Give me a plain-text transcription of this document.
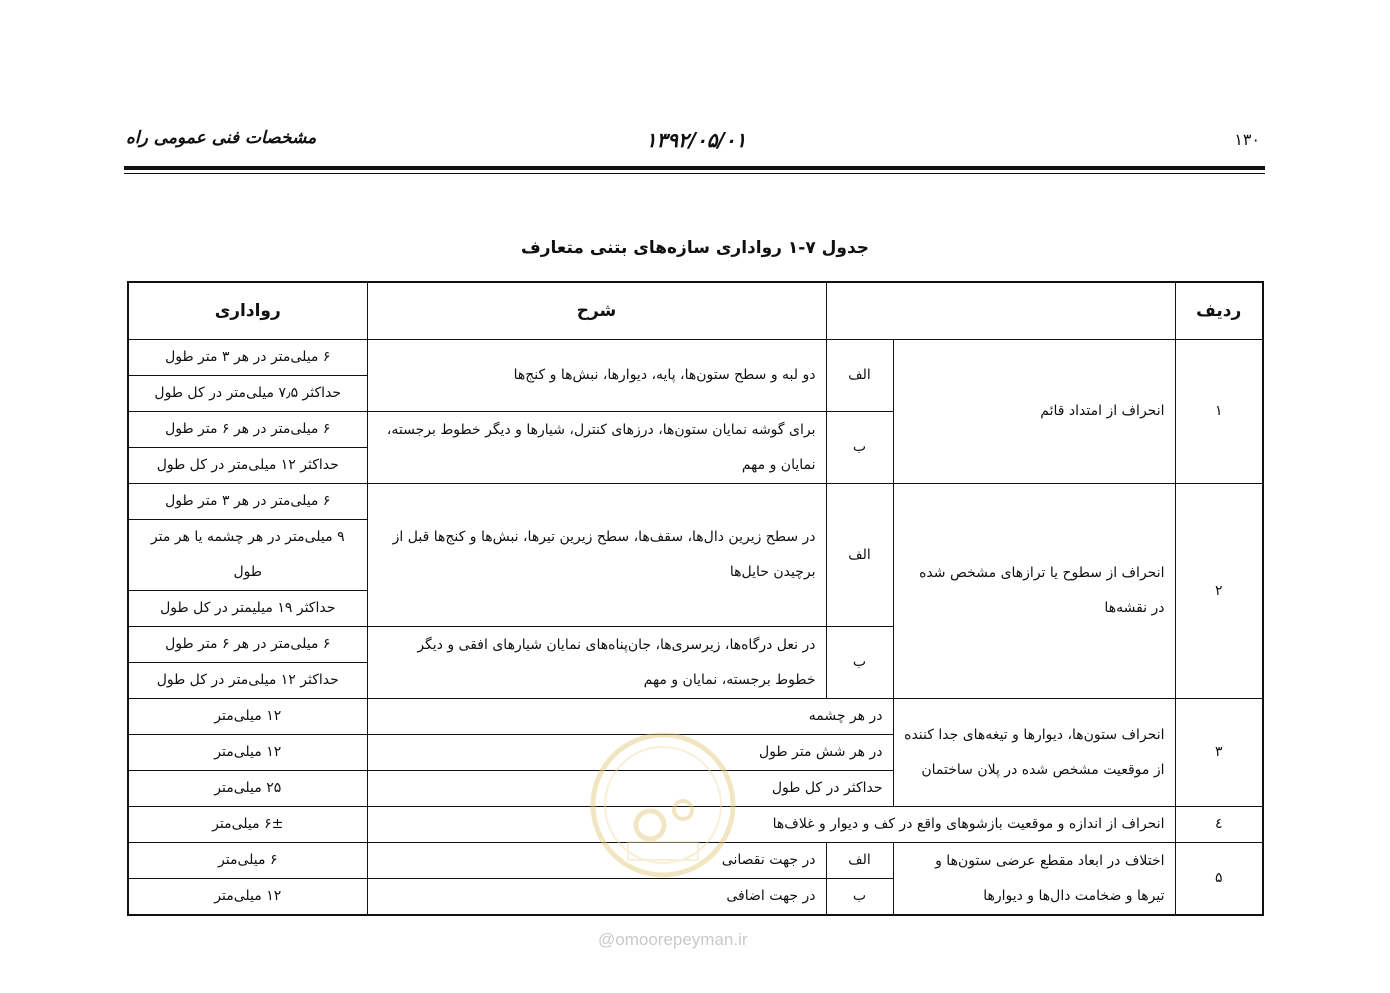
مشخصات فنی عمومی راه	۱۳۹۲/۰۵/۰۱	۱۳۰
جدول ۷-۱ رواداری سازه‌های بتنی متعارف
ردیف			شرح	رواداری
۱	انحراف از امتداد قائم	الف	دو لبه و سطح ستون‌ها، پایه، دیوارها، نبش‌ها و کنج‌ها	۶ میلی‌متر در هر ۳ متر طول
				حداکثر ۷٫۵ میلی‌متر در کل طول
		ب	برای گوشه نمایان ستون‌ها، درزهای کنترل، شیارها و دیگر خطوط برجسته، نمایان و مهم	۶ میلی‌متر در هر ۶ متر طول
				حداکثر ۱۲ میلی‌متر در کل طول
۲	انحراف از سطوح یا ترازهای مشخص شده در نقشه‌ها	الف	در سطح زیرین دال‌ها، سقف‌ها، سطح زیرین تیرها، نبش‌ها و کنج‌ها قبل از برچیدن حایل‌ها	۶ میلی‌متر در هر ۳ متر طول
				۹ میلی‌متر در هر چشمه یا هر متر طول
				حداکثر ۱۹ میلیمتر در کل طول
		ب	در نعل درگاه‌ها، زیرسری‌ها، جان‌پناه‌های نمایان شیارهای افقی و دیگر خطوط برجسته، نمایان و مهم	۶ میلی‌متر در هر ۶ متر طول
				حداکثر ۱۲ میلی‌متر در کل طول
۳	انحراف ستون‌ها، دیوارها و تیغه‌های جدا کننده از موقعیت مشخص شده در پلان ساختمان	در هر چشمه		۱۲ میلی‌متر
		در هر شش متر طول		۱۲ میلی‌متر
		حداکثر در کل طول		۲۵ میلی‌متر
٤	انحراف از اندازه و موقعیت بازشوهای واقع در کف و دیوار و غلاف‌ها			۶± میلی‌متر
۵	اختلاف در ابعاد مقطع عرضی ستون‌ها و تیرها و ضخامت دال‌ها و دیوارها	الف	در جهت نقصانی	۶ میلی‌متر
		ب	در جهت اضافی	۱۲ میلی‌متر
@omoorepeyman.ir
